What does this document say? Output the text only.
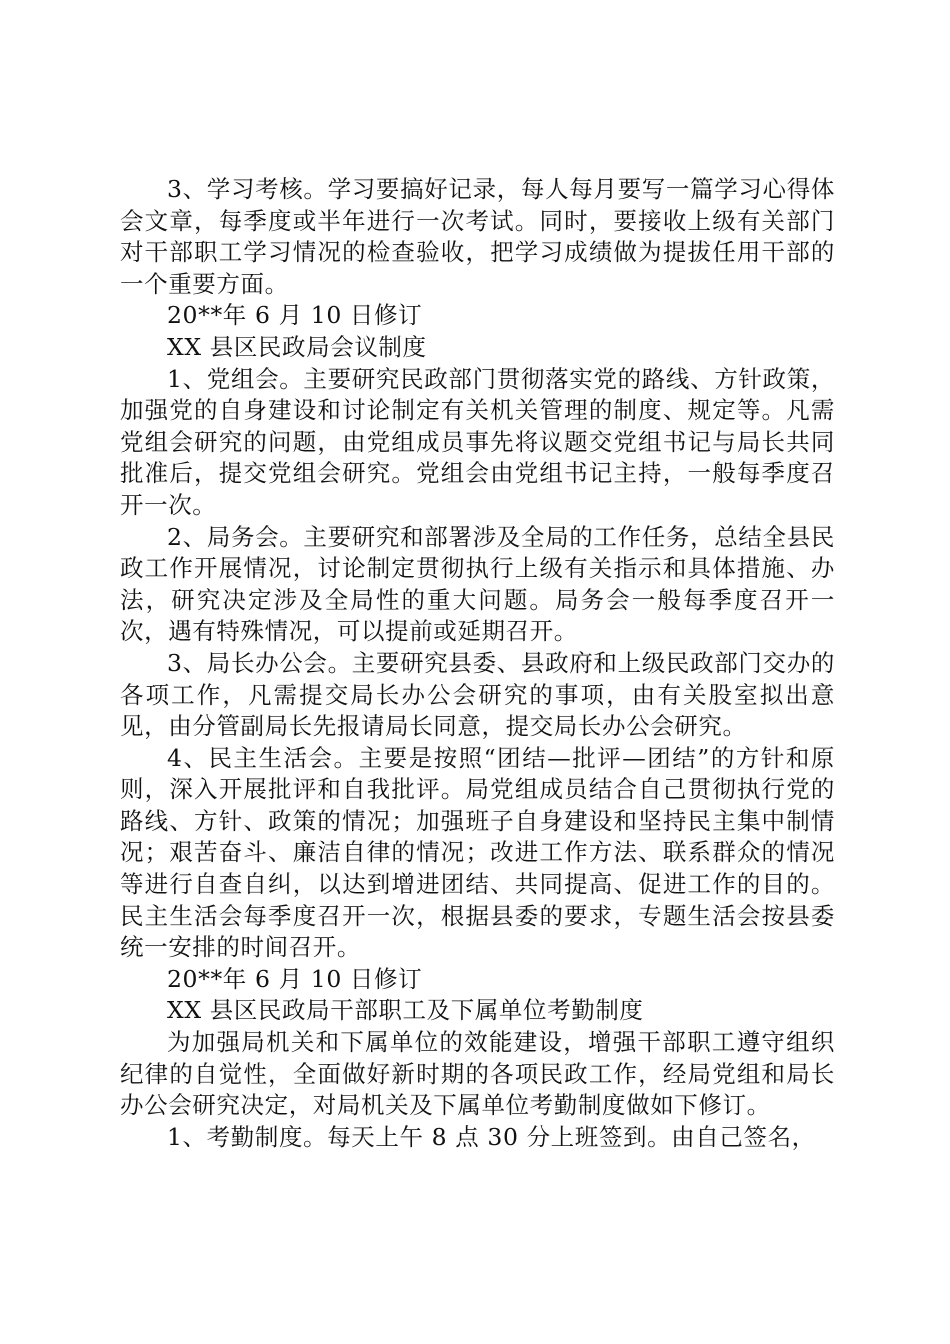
3、学习考核。学习要搞好记录，每人每月要写一篇学习心得体会文章，每季度或半年进行一次考试。同时，要接收上级有关部门对干部职工学习情况的检查验收，把学习成绩做为提拔任用干部的一个重要方面。

20**年 6 月 10 日修订

XX 县区民政局会议制度

1、党组会。主要研究民政部门贯彻落实党的路线、方针政策，加强党的自身建设和讨论制定有关机关管理的制度、规定等。凡需党组会研究的问题，由党组成员事先将议题交党组书记与局长共同批准后，提交党组会研究。党组会由党组书记主持，一般每季度召开一次。

2、局务会。主要研究和部署涉及全局的工作任务，总结全县民政工作开展情况，讨论制定贯彻执行上级有关指示和具体措施、办法，研究决定涉及全局性的重大问题。局务会一般每季度召开一次，遇有特殊情况，可以提前或延期召开。

3、局长办公会。主要研究县委、县政府和上级民政部门交办的各项工作，凡需提交局长办公会研究的事项，由有关股室拟出意见，由分管副局长先报请局长同意，提交局长办公会研究。

4、民主生活会。主要是按照“团结—批评—团结”的方针和原则，深入开展批评和自我批评。局党组成员结合自己贯彻执行党的路线、方针、政策的情况；加强班子自身建设和坚持民主集中制情况；艰苦奋斗、廉洁自律的情况；改进工作方法、联系群众的情况等进行自查自纠，以达到增进团结、共同提高、促进工作的目的。民主生活会每季度召开一次，根据县委的要求，专题生活会按县委统一安排的时间召开。

20**年 6 月 10 日修订

XX 县区民政局干部职工及下属单位考勤制度

为加强局机关和下属单位的效能建设，增强干部职工遵守组织纪律的自觉性，全面做好新时期的各项民政工作，经局党组和局长办公会研究决定，对局机关及下属单位考勤制度做如下修订。

1、考勤制度。每天上午 8 点 30 分上班签到。由自己签名，
